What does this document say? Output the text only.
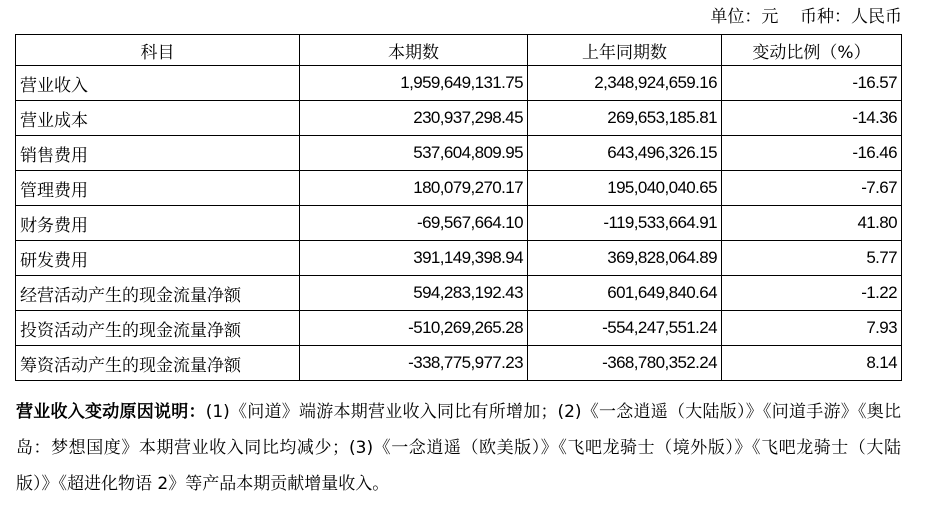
单位：元    币种：人民币
科目	本期数	上年同期数	变动比例（%）
营业收入	1,959,649,131.75	2,348,924,659.16	-16.57
营业成本	230,937,298.45	269,653,185.81	-14.36
销售费用	537,604,809.95	643,496,326.15	-16.46
管理费用	180,079,270.17	195,040,040.65	-7.67
财务费用	-69,567,664.10	-119,533,664.91	41.80
研发费用	391,149,398.94	369,828,064.89	5.77
经营活动产生的现金流量净额	594,283,192.43	601,649,840.64	-1.22
投资活动产生的现金流量净额	-510,269,265.28	-554,247,551.24	7.93
筹资活动产生的现金流量净额	-338,775,977.23	-368,780,352.24	8.14
营业收入变动原因说明：(1)《问道》端游本期营业收入同比有所增加；(2)《一念逍遥（大陆版）》《问道手游》《奥比岛：梦想国度》本期营业收入同比均减少；(3)《一念逍遥（欧美版）》《飞吧龙骑士（境外版）》《飞吧龙骑士（大陆版）》《超进化物语 2》等产品本期贡献增量收入。
